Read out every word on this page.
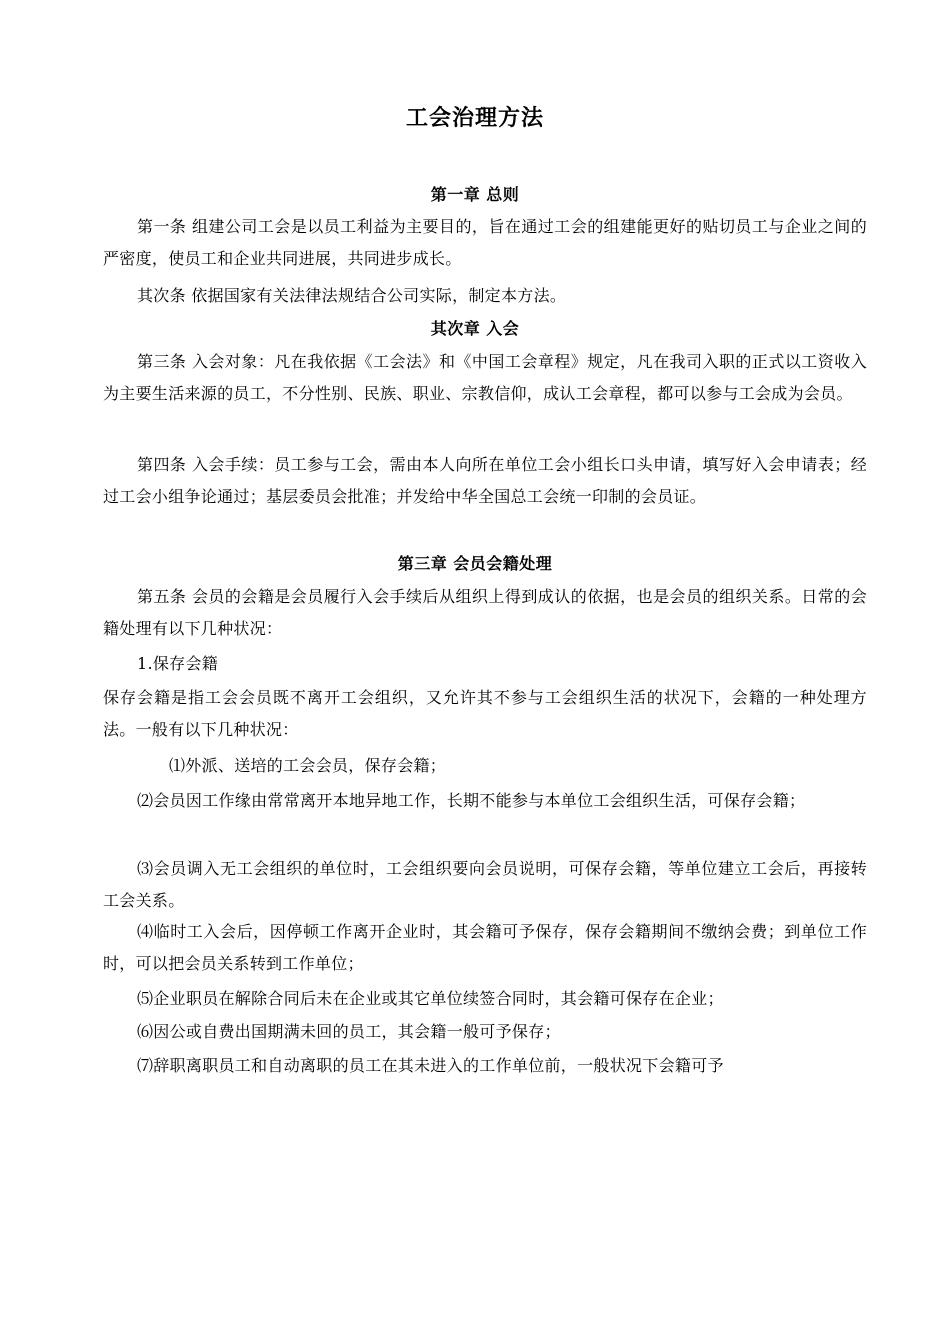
工会治理方法
第一章 总则
第一条 组建公司工会是以员工利益为主要目的，旨在通过工会的组建能更好的贴切员工与企业之间的严密度，使员工和企业共同进展，共同进步成长。
其次条 依据国家有关法律法规结合公司实际，制定本方法。
其次章 入会
第三条 入会对象：凡在我依据《工会法》和《中国工会章程》规定，凡在我司入职的正式以工资收入为主要生活来源的员工，不分性别、民族、职业、宗教信仰，成认工会章程，都可以参与工会成为会员。
第四条 入会手续：员工参与工会，需由本人向所在单位工会小组长口头申请，填写好入会申请表；经过工会小组争论通过；基层委员会批准；并发给中华全国总工会统一印制的会员证。
第三章 会员会籍处理
第五条 会员的会籍是会员履行入会手续后从组织上得到成认的依据，也是会员的组织关系。日常的会籍处理有以下几种状况：
1.保存会籍
保存会籍是指工会会员既不离开工会组织，又允许其不参与工会组织生活的状况下，会籍的一种处理方法。一般有以下几种状况：
⑴外派、送培的工会会员，保存会籍；
⑵会员因工作缘由常常离开本地异地工作，长期不能参与本单位工会组织生活，可保存会籍；
⑶会员调入无工会组织的单位时，工会组织要向会员说明，可保存会籍，等单位建立工会后，再接转工会关系。
⑷临时工入会后，因停顿工作离开企业时，其会籍可予保存，保存会籍期间不缴纳会费；到单位工作时，可以把会员关系转到工作单位；
⑸企业职员在解除合同后未在企业或其它单位续签合同时，其会籍可保存在企业；
⑹因公或自费出国期满未回的员工，其会籍一般可予保存；
⑺辞职离职员工和自动离职的员工在其未进入的工作单位前，一般状况下会籍可予
